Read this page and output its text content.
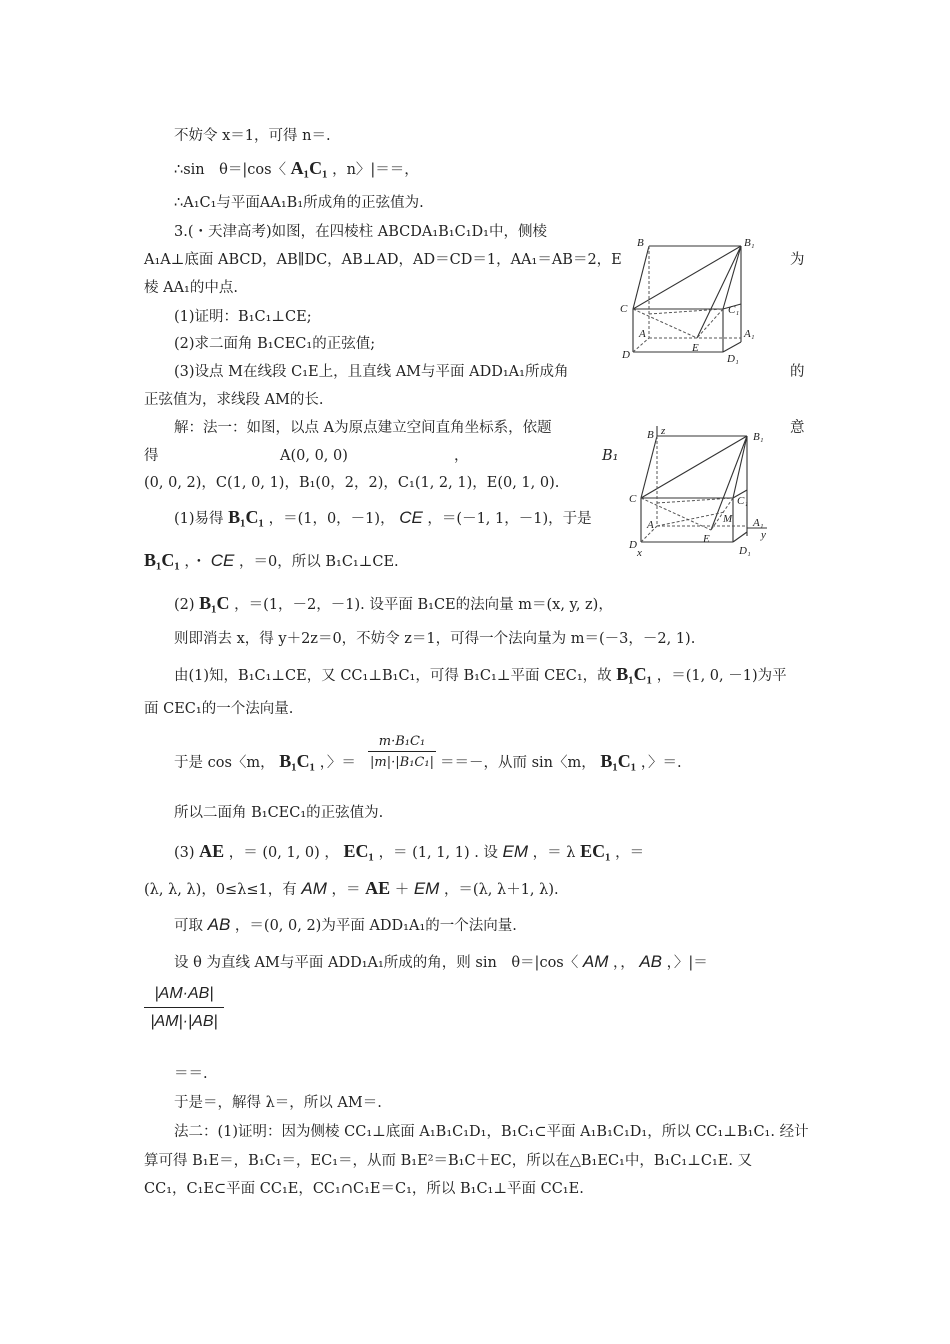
不妨令 x＝1，可得 n＝.
∴sin　θ＝|cos〈 A₁C₁ ，n〉|＝＝，
∴A₁C₁与平面AA₁B₁所成角的正弦值为.
3.(・天津高考)如图，在四棱柱 ABCDA₁B₁C₁D₁中，侧棱
A₁A⊥底面 ABCD，AB∥DC，AB⊥AD，AD＝CD＝1，AA₁＝AB＝2，E	为
棱 AA₁的中点.
(1)证明：B₁C₁⊥CE;
(2)求二面角 B₁CEC₁的正弦值;
(3)设点 M在线段 C₁E上，且直线 AM与平面 ADD₁A₁所成角	的
正弦值为，求线段 AM的长.
B	B₁
C	C₁
A	A₁
D
E
D₁
解：法一：如图，以点 A为原点建立空间直角坐标系，依题	意
得	A(0, 0, 0)	，	B₁
(0, 0, 2)，C(1, 0, 1)，B₁(0，2，2)，C₁(1, 2, 1)，E(0, 1, 0).
(1)易得 B₁C₁ ，＝(1，0，－1)， CE ，＝(－1, 1，－1)，于是
B₁C₁ ，・ CE ，＝0，所以 B₁C₁⊥CE.
B z	B₁
C	C₁
A	M A₁
y
D
x
E
D₁
(2) B₁C ，＝(1，－2，－1). 设平面 B₁CE的法向量 m＝(x, y, z)，
则即消去 x，得 y＋2z＝0，不妨令 z＝1，可得一个法向量为 m＝(－3，－2, 1).
由(1)知，B₁C₁⊥CE，又 CC₁⊥B₁C₁，可得 B₁C₁⊥平面 CEC₁，故 B₁C₁ ，＝(1, 0, －1)为平
面 CEC₁的一个法向量.
于是 cos〈m， B₁C₁ ，〉＝ $\frac{\text{m·B₁C₁}}{\text{|m|·|B₁C₁|}}$ ＝＝－，从而 sin〈m， B₁C₁ ，〉＝.
所以二面角 B₁CEC₁的正弦值为.
(3) AE ，＝ (0, 1, 0) ， EC₁ ，＝ (1, 1, 1) . 设 EM ，＝ λ EC₁ ，＝
(λ, λ, λ)，0≤λ≤1，有 AM ，＝ AE ＋ EM ，＝(λ, λ＋1, λ).
可取 AB ，＝(0, 0, 2)为平面 ADD₁A₁的一个法向量.
设 θ 为直线 AM与平面 ADD₁A₁所成的角，则 sin　θ＝|cos〈 AM ，， AB ，〉|＝
$\frac{|AM\cdot AB|}{|AM|\cdot|AB|}$
＝＝.
于是＝，解得 λ＝，所以 AM＝.
法二：(1)证明：因为侧棱 CC₁⊥底面 A₁B₁C₁D₁，B₁C₁⊂平面 A₁B₁C₁D₁，所以 CC₁⊥B₁C₁. 经计
算可得 B₁E＝，B₁C₁＝，EC₁＝，从而 B₁E²＝B₁C＋EC，所以在△B₁EC₁中，B₁C₁⊥C₁E. 又
CC₁，C₁E⊂平面 CC₁E，CC₁∩C₁E＝C₁，所以 B₁C₁⊥平面 CC₁E.
